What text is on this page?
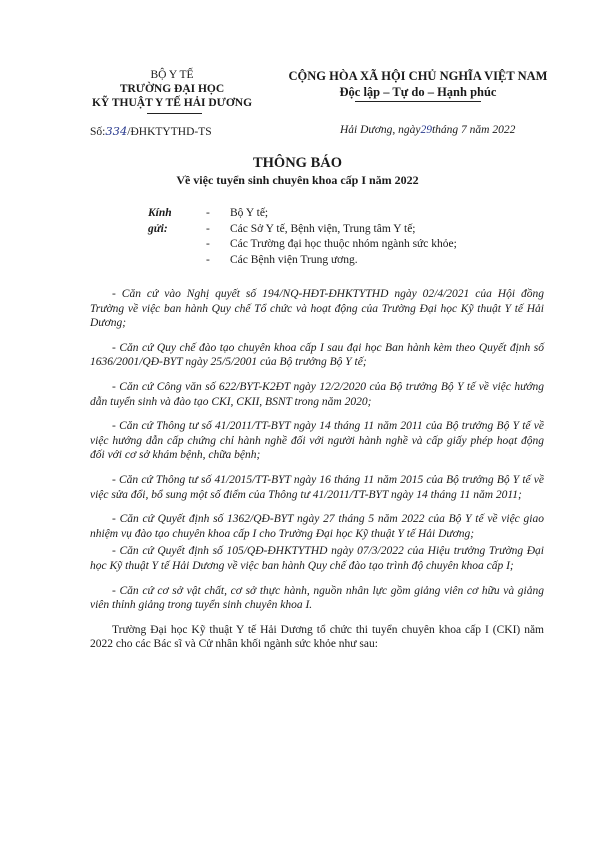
BỘ Y TẾ
TRƯỜNG ĐẠI HỌC
KỸ THUẬT Y TẾ HẢI DƯƠNG
CỘNG HÒA XÃ HỘI CHỦ NGHĨA VIỆT NAM
Độc lập – Tự do – Hạnh phúc
Số:334/ĐHKTYTHD-TS	Hải Dương, ngày29tháng 7 năm 2022
THÔNG BÁO
Về việc tuyển sinh chuyên khoa cấp I năm 2022
Kính gửi:
- Bộ Y tế;
- Các Sở Y tế, Bệnh viện, Trung tâm Y tế;
- Các Trường đại học thuộc nhóm ngành sức khỏe;
- Các Bệnh viện Trung ương.

- Căn cứ vào Nghị quyết số 194/NQ-HĐT-ĐHKTYTHD ngày 02/4/2021 của Hội đồng Trường về việc ban hành Quy chế Tổ chức và hoạt động của Trường Đại học Kỹ thuật Y tế Hải Dương;

- Căn cứ Quy chế đào tạo chuyên khoa cấp I sau đại học Ban hành kèm theo Quyết định số 1636/2001/QĐ-BYT ngày 25/5/2001 của Bộ trưởng Bộ Y tế;

- Căn cứ Công văn số 622/BYT-K2ĐT ngày 12/2/2020 của Bộ trưởng Bộ Y tế về việc hướng dẫn tuyển sinh và đào tạo CKI, CKII, BSNT trong năm 2020;

- Căn cứ Thông tư số 41/2011/TT-BYT ngày 14 tháng 11 năm 2011 của Bộ trưởng Bộ Y tế về việc hướng dẫn cấp chứng chỉ hành nghề đối với người hành nghề và cấp giấy phép hoạt động đối với cơ sở khám bệnh, chữa bệnh;

- Căn cứ Thông tư số 41/2015/TT-BYT ngày 16 tháng 11 năm 2015 của Bộ trưởng Bộ Y tế về việc sửa đổi, bổ sung một số điểm của Thông tư 41/2011/TT-BYT ngày 14 tháng 11 năm 2011;

- Căn cứ Quyết định số 1362/QĐ-BYT ngày 27 tháng 5 năm 2022 của Bộ Y tế về việc giao nhiệm vụ đào tạo chuyên khoa cấp I cho Trường Đại học Kỹ thuật Y tế Hải Dương;

- Căn cứ Quyết định số 105/QĐ-ĐHKTYTHD ngày 07/3/2022 của Hiệu trưởng Trường Đại học Kỹ thuật Y tế Hải Dương về việc ban hành Quy chế đào tạo trình độ chuyên khoa cấp I;

- Căn cứ cơ sở vật chất, cơ sở thực hành, nguồn nhân lực gồm giảng viên cơ hữu và giảng viên thỉnh giảng trong tuyển sinh chuyên khoa I.

Trường Đại học Kỹ thuật Y tế Hải Dương tổ chức thi tuyển chuyên khoa cấp I (CKI) năm 2022 cho các Bác sĩ và Cử nhân khối ngành sức khỏe như sau:
